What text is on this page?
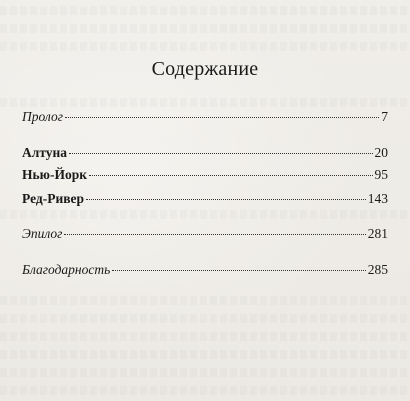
Содержание
Пролог	7
Алтуна	20
Нью-Йорк	95
Ред-Ривер	143
Эпилог	281
Благодарность	285
